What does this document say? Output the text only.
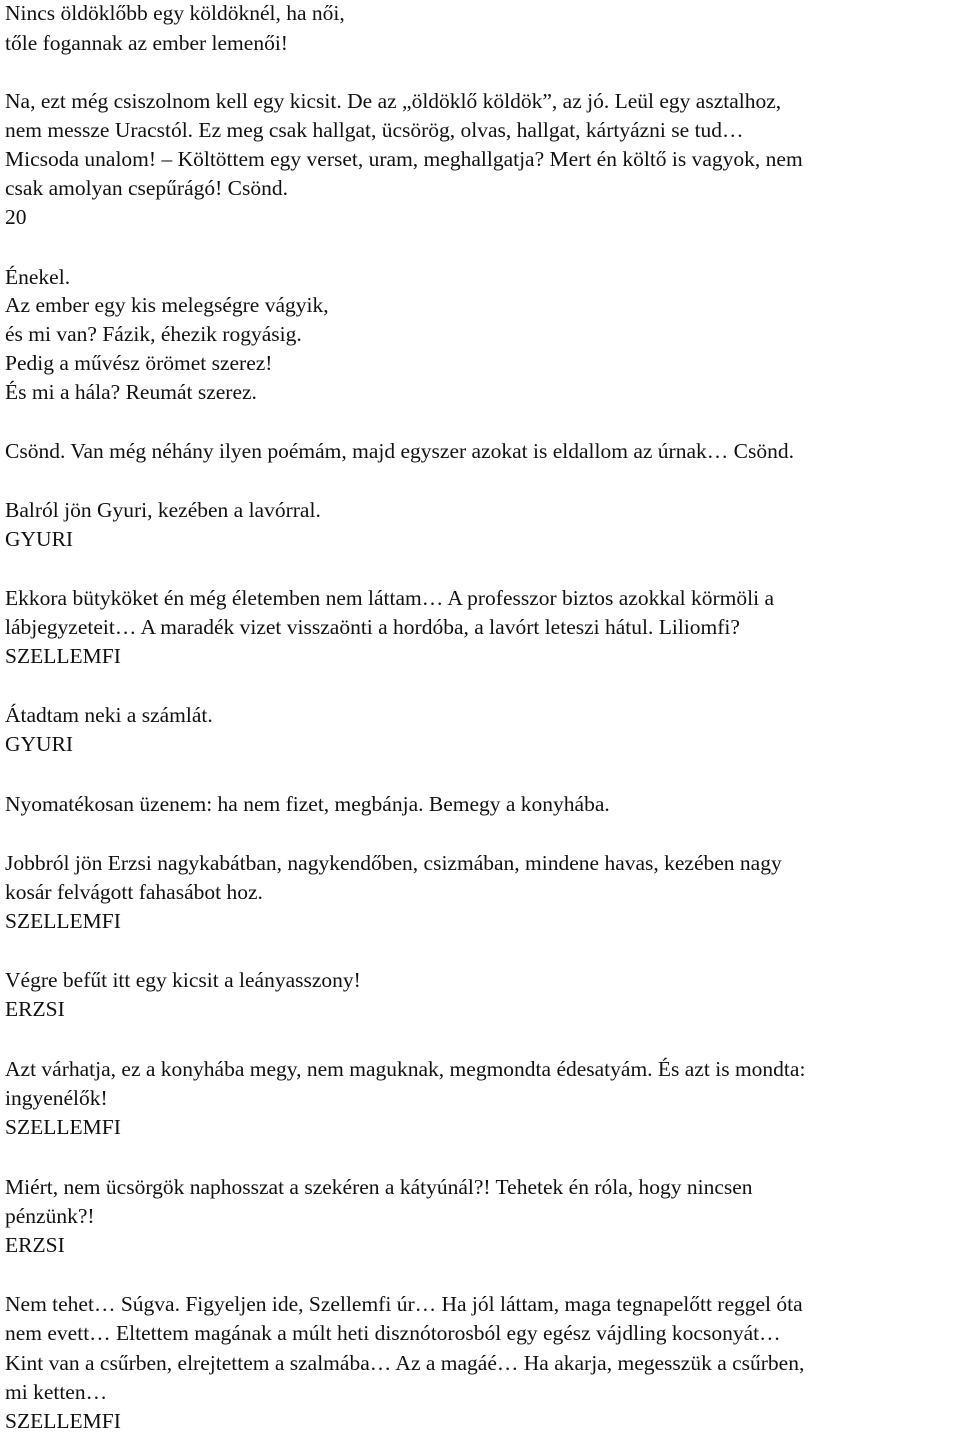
Nincs öldöklőbb egy köldöknél, ha női,
tőle fogannak az ember lemenői!
Na, ezt még csiszolnom kell egy kicsit. De az „öldöklő köldök”, az jó. Leül egy asztalhoz,
nem messze Uracstól. Ez meg csak hallgat, ücsörög, olvas, hallgat, kártyázni se tud…
Micsoda unalom! – Költöttem egy verset, uram, meghallgatja? Mert én költő is vagyok, nem
csak amolyan csepűrágó! Csönd.
20
Énekel.
Az ember egy kis melegségre vágyik,
és mi van? Fázik, éhezik rogyásig.
Pedig a művész örömet szerez!
És mi a hála? Reumát szerez.
Csönd. Van még néhány ilyen poémám, majd egyszer azokat is eldallom az úrnak… Csönd.
Balról jön Gyuri, kezében a lavórral.
GYURI
Ekkora bütyköket én még életemben nem láttam… A professzor biztos azokkal körmöli a
lábjegyzeteit… A maradék vizet visszaönti a hordóba, a lavórt leteszi hátul. Liliomfi?
SZELLEMFI
Átadtam neki a számlát.
GYURI
Nyomatékosan üzenem: ha nem fizet, megbánja. Bemegy a konyhába.
Jobbról jön Erzsi nagykabátban, nagykendőben, csizmában, mindene havas, kezében nagy
kosár felvágott fahasábot hoz.
SZELLEMFI
Végre befűt itt egy kicsit a leányasszony!
ERZSI
Azt várhatja, ez a konyhába megy, nem maguknak, megmondta édesatyám. És azt is mondta:
ingyenélők!
SZELLEMFI
Miért, nem ücsörgök naphosszat a szekéren a kátyúnál?! Tehetek én róla, hogy nincsen
pénzünk?!
ERZSI
Nem tehet… Súgva. Figyeljen ide, Szellemfi úr… Ha jól láttam, maga tegnapelőtt reggel óta
nem evett… Eltettem magának a múlt heti disznótorosból egy egész vájdling kocsonyát…
Kint van a csűrben, elrejtettem a szalmába… Az a magáé… Ha akarja, megesszük a csűrben,
mi ketten…
SZELLEMFI
